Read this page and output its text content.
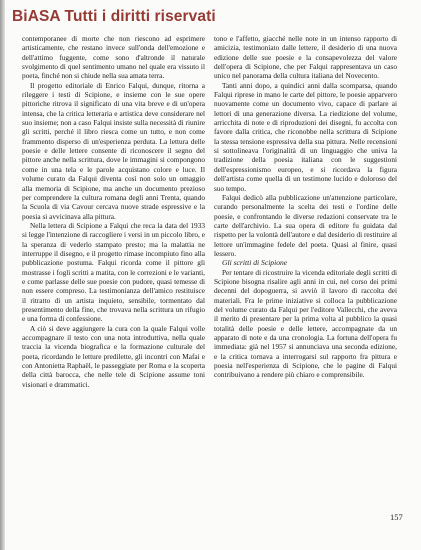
BiASA Tutti i diritti riservati

contemporanee di morte che non riescono ad esprimere artisticamente, che restano invece sull'onda dell'emozione e dell'attimo fuggente, come sono d'altronde il naturale svolgimento di quel sentimento umano nel quale era vissuto il poeta, finché non si chiude nella sua amata terra.

Il progetto editoriale di Enrico Falqui, dunque, ritorna a rileggere i testi di Scipione, e insieme con le sue opere pittoriche ritrova il significato di una vita breve e di un'opera intensa, che la critica letteraria e artistica deve considerare nel suo insieme; non a caso Falqui insiste sulla necessità di riunire gli scritti, perché il libro riesca come un tutto, e non come frammento disperso di un'esperienza perduta. La lettura delle poesie e delle lettere consente di riconoscere il segno del pittore anche nella scrittura, dove le immagini si compongono come in una tela e le parole acquistano colore e luce. Il volume curato da Falqui diventa così non solo un omaggio alla memoria di Scipione, ma anche un documento prezioso per comprendere la cultura romana degli anni Trenta, quando la Scuola di via Cavour cercava nuove strade espressive e la poesia si avvicinava alla pittura.

Nella lettera di Scipione a Falqui che reca la data del 1933 si legge l'intenzione di raccogliere i versi in un piccolo libro, e la speranza di vederlo stampato presto; ma la malattia ne interruppe il disegno, e il progetto rimase incompiuto fino alla pubblicazione postuma. Falqui ricorda come il pittore gli mostrasse i fogli scritti a matita, con le correzioni e le varianti, e come parlasse delle sue poesie con pudore, quasi temesse di non essere compreso. La testimonianza dell'amico restituisce il ritratto di un artista inquieto, sensibile, tormentato dal presentimento della fine, che trovava nella scrittura un rifugio e una forma di confessione.

A ciò si deve aggiungere la cura con la quale Falqui volle accompagnare il testo con una nota introduttiva, nella quale traccia la vicenda biografica e la formazione culturale del poeta, ricordando le letture predilette, gli incontri con Mafai e con Antonietta Raphaël, le passeggiate per Roma e la scoperta della città barocca, che nelle tele di Scipione assume toni visionari e drammatici.

tono e l'affetto, giacché nelle note in un intenso rapporto di amicizia, testimoniato dalle lettere, il desiderio di una nuova edizione delle sue poesie e la consapevolezza del valore dell'opera di Scipione, che per Falqui rappresentava un caso unico nel panorama della cultura italiana del Novecento.

Tanti anni dopo, a quindici anni dalla scomparsa, quando Falqui riprese in mano le carte del pittore, le poesie apparvero nuovamente come un documento vivo, capace di parlare ai lettori di una generazione diversa. La riedizione del volume, arricchita di note e di riproduzioni dei disegni, fu accolta con favore dalla critica, che riconobbe nella scrittura di Scipione la stessa tensione espressiva della sua pittura. Nelle recensioni si sottolineava l'originalità di un linguaggio che univa la tradizione della poesia italiana con le suggestioni dell'espressionismo europeo, e si ricordava la figura dell'artista come quella di un testimone lucido e doloroso del suo tempo.

Falqui dedicò alla pubblicazione un'attenzione particolare, curando personalmente la scelta dei testi e l'ordine delle poesie, e confrontando le diverse redazioni conservate tra le carte dell'archivio. La sua opera di editore fu guidata dal rispetto per la volontà dell'autore e dal desiderio di restituire al lettore un'immagine fedele del poeta. Quasi al finire, quasi lessero.

Gli scritti di Scipione

Per tentare di ricostruire la vicenda editoriale degli scritti di Scipione bisogna risalire agli anni in cui, nel corso dei primi decenni del dopoguerra, si avviò il lavoro di raccolta dei materiali. Fra le prime iniziative si colloca la pubblicazione del volume curato da Falqui per l'editore Vallecchi, che aveva il merito di presentare per la prima volta al pubblico la quasi totalità delle poesie e delle lettere, accompagnate da un apparato di note e da una cronologia. La fortuna dell'opera fu immediata: già nel 1957 si annunciava una seconda edizione, e la critica tornava a interrogarsi sul rapporto fra pittura e poesia nell'esperienza di Scipione, che le pagine di Falqui contribuivano a rendere più chiaro e comprensibile.

157
